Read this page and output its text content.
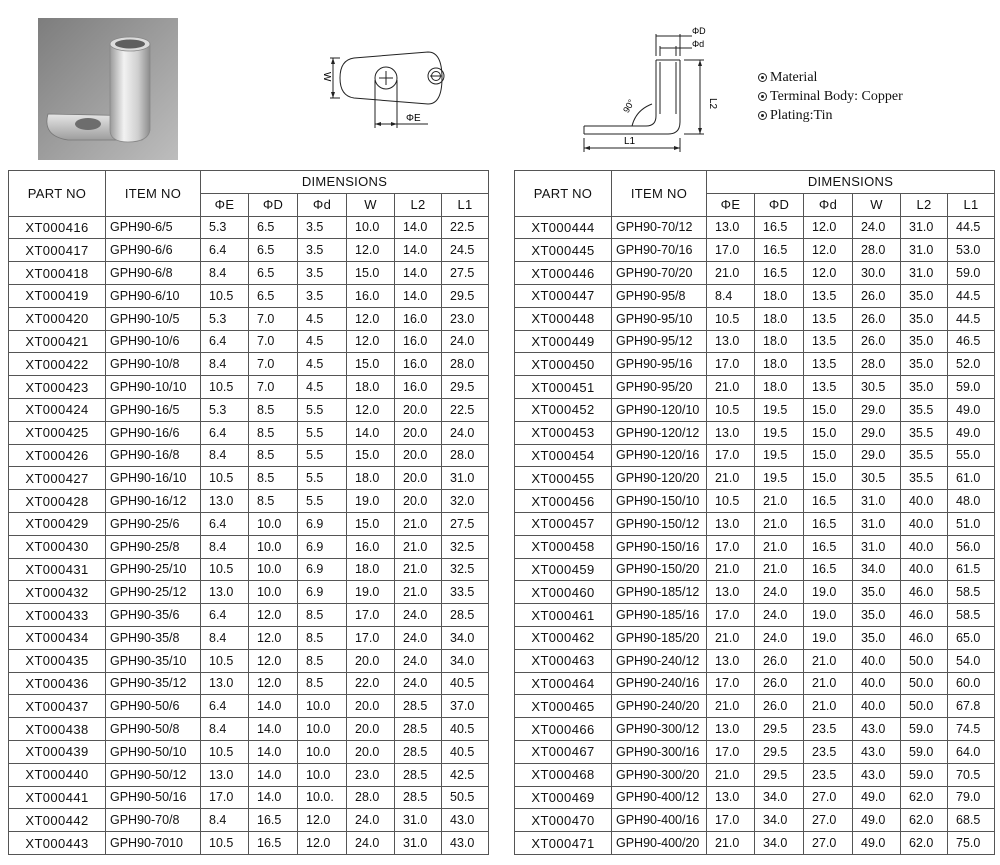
W
ΦE
ΦD
Φd
L2
90°
L1
Material
Terminal Body: Copper
Plating:Tin
PART NO	ITEM NO	DIMENSIONS					
		ΦE	ΦD	Φd	W	L2	L1
XT000416	GPH90-6/5	5.3	6.5	3.5	10.0	14.0	22.5
XT000417	GPH90-6/6	6.4	6.5	3.5	12.0	14.0	24.5
XT000418	GPH90-6/8	8.4	6.5	3.5	15.0	14.0	27.5
XT000419	GPH90-6/10	10.5	6.5	3.5	16.0	14.0	29.5
XT000420	GPH90-10/5	5.3	7.0	4.5	12.0	16.0	23.0
XT000421	GPH90-10/6	6.4	7.0	4.5	12.0	16.0	24.0
XT000422	GPH90-10/8	8.4	7.0	4.5	15.0	16.0	28.0
XT000423	GPH90-10/10	10.5	7.0	4.5	18.0	16.0	29.5
XT000424	GPH90-16/5	5.3	8.5	5.5	12.0	20.0	22.5
XT000425	GPH90-16/6	6.4	8.5	5.5	14.0	20.0	24.0
XT000426	GPH90-16/8	8.4	8.5	5.5	15.0	20.0	28.0
XT000427	GPH90-16/10	10.5	8.5	5.5	18.0	20.0	31.0
XT000428	GPH90-16/12	13.0	8.5	5.5	19.0	20.0	32.0
XT000429	GPH90-25/6	6.4	10.0	6.9	15.0	21.0	27.5
XT000430	GPH90-25/8	8.4	10.0	6.9	16.0	21.0	32.5
XT000431	GPH90-25/10	10.5	10.0	6.9	18.0	21.0	32.5
XT000432	GPH90-25/12	13.0	10.0	6.9	19.0	21.0	33.5
XT000433	GPH90-35/6	6.4	12.0	8.5	17.0	24.0	28.5
XT000434	GPH90-35/8	8.4	12.0	8.5	17.0	24.0	34.0
XT000435	GPH90-35/10	10.5	12.0	8.5	20.0	24.0	34.0
XT000436	GPH90-35/12	13.0	12.0	8.5	22.0	24.0	40.5
XT000437	GPH90-50/6	6.4	14.0	10.0	20.0	28.5	37.0
XT000438	GPH90-50/8	8.4	14.0	10.0	20.0	28.5	40.5
XT000439	GPH90-50/10	10.5	14.0	10.0	20.0	28.5	40.5
XT000440	GPH90-50/12	13.0	14.0	10.0	23.0	28.5	42.5
XT000441	GPH90-50/16	17.0	14.0	10.0.	28.0	28.5	50.5
XT000442	GPH90-70/8	8.4	16.5	12.0	24.0	31.0	43.0
XT000443	GPH90-7010	10.5	16.5	12.0	24.0	31.0	43.0
PART NO	ITEM NO	DIMENSIONS					
		ΦE	ΦD	Φd	W	L2	L1
XT000444	GPH90-70/12	13.0	16.5	12.0	24.0	31.0	44.5
XT000445	GPH90-70/16	17.0	16.5	12.0	28.0	31.0	53.0
XT000446	GPH90-70/20	21.0	16.5	12.0	30.0	31.0	59.0
XT000447	GPH90-95/8	8.4	18.0	13.5	26.0	35.0	44.5
XT000448	GPH90-95/10	10.5	18.0	13.5	26.0	35.0	44.5
XT000449	GPH90-95/12	13.0	18.0	13.5	26.0	35.0	46.5
XT000450	GPH90-95/16	17.0	18.0	13.5	28.0	35.0	52.0
XT000451	GPH90-95/20	21.0	18.0	13.5	30.5	35.0	59.0
XT000452	GPH90-120/10	10.5	19.5	15.0	29.0	35.5	49.0
XT000453	GPH90-120/12	13.0	19.5	15.0	29.0	35.5	49.0
XT000454	GPH90-120/16	17.0	19.5	15.0	29.0	35.5	55.0
XT000455	GPH90-120/20	21.0	19.5	15.0	30.5	35.5	61.0
XT000456	GPH90-150/10	10.5	21.0	16.5	31.0	40.0	48.0
XT000457	GPH90-150/12	13.0	21.0	16.5	31.0	40.0	51.0
XT000458	GPH90-150/16	17.0	21.0	16.5	31.0	40.0	56.0
XT000459	GPH90-150/20	21.0	21.0	16.5	34.0	40.0	61.5
XT000460	GPH90-185/12	13.0	24.0	19.0	35.0	46.0	58.5
XT000461	GPH90-185/16	17.0	24.0	19.0	35.0	46.0	58.5
XT000462	GPH90-185/20	21.0	24.0	19.0	35.0	46.0	65.0
XT000463	GPH90-240/12	13.0	26.0	21.0	40.0	50.0	54.0
XT000464	GPH90-240/16	17.0	26.0	21.0	40.0	50.0	60.0
XT000465	GPH90-240/20	21.0	26.0	21.0	40.0	50.0	67.8
XT000466	GPH90-300/12	13.0	29.5	23.5	43.0	59.0	74.5
XT000467	GPH90-300/16	17.0	29.5	23.5	43.0	59.0	64.0
XT000468	GPH90-300/20	21.0	29.5	23.5	43.0	59.0	70.5
XT000469	GPH90-400/12	13.0	34.0	27.0	49.0	62.0	79.0
XT000470	GPH90-400/16	17.0	34.0	27.0	49.0	62.0	68.5
XT000471	GPH90-400/20	21.0	34.0	27.0	49.0	62.0	75.0
